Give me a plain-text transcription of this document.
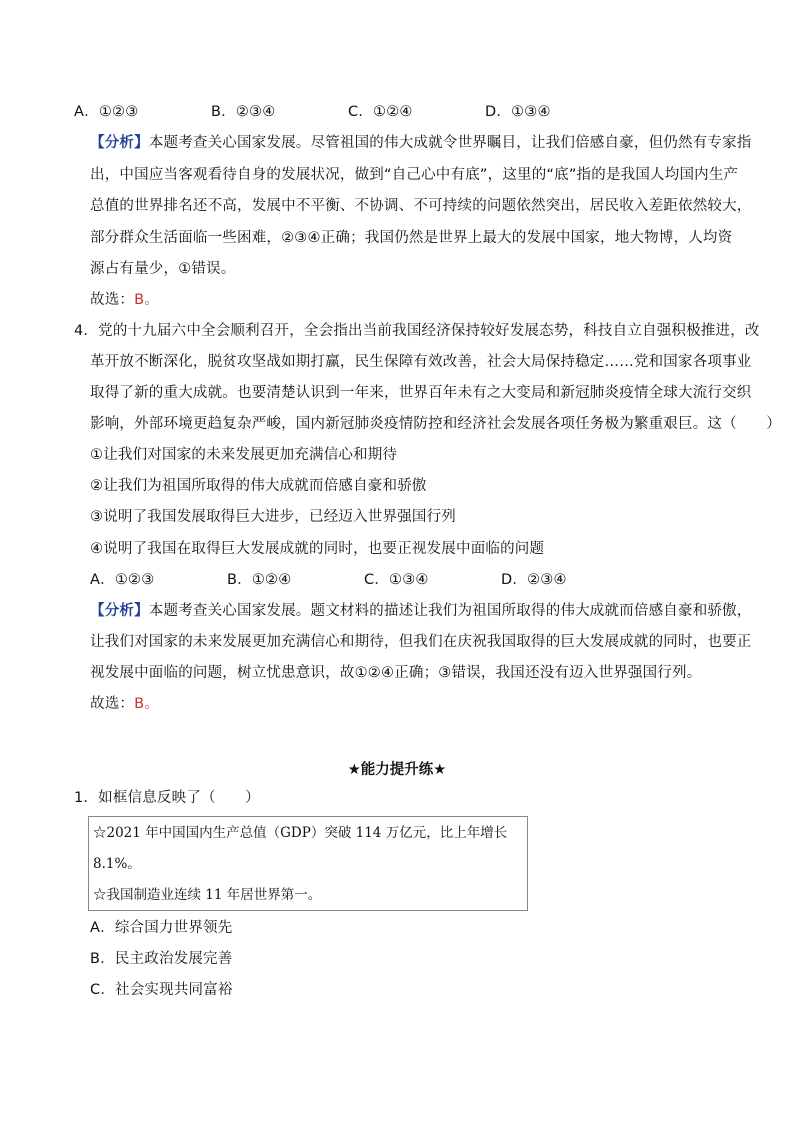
A．①②③	B．②③④	C．①②④	D．①③④
【分析】本题考查关心国家发展。尽管祖国的伟大成就令世界瞩目，让我们倍感自豪，但仍然有专家指
出，中国应当客观看待自身的发展状况，做到“自己心中有底”，这里的“底”指的是我国人均国内生产
总值的世界排名还不高，发展中不平衡、不协调、不可持续的问题依然突出，居民收入差距依然较大，
部分群众生活面临一些困难，②③④正确；我国仍然是世界上最大的发展中国家，地大物博，人均资
源占有量少，①错误。
故选：B。
4．党的十九届六中全会顺利召开，全会指出当前我国经济保持较好发展态势，科技自立自强积极推进，改
革开放不断深化，脱贫攻坚战如期打赢，民生保障有效改善，社会大局保持稳定……党和国家各项事业
取得了新的重大成就。也要清楚认识到一年来，世界百年未有之大变局和新冠肺炎疫情全球大流行交织
影响，外部环境更趋复杂严峻，国内新冠肺炎疫情防控和经济社会发展各项任务极为繁重艰巨。这（　　）
①让我们对国家的未来发展更加充满信心和期待
②让我们为祖国所取得的伟大成就而倍感自豪和骄傲
③说明了我国发展取得巨大进步，已经迈入世界强国行列
④说明了我国在取得巨大发展成就的同时，也要正视发展中面临的问题
A．①②③	B．①②④	C．①③④	D．②③④
【分析】本题考查关心国家发展。题文材料的描述让我们为祖国所取得的伟大成就而倍感自豪和骄傲，
让我们对国家的未来发展更加充满信心和期待，但我们在庆祝我国取得的巨大发展成就的同时，也要正
视发展中面临的问题，树立忧患意识，故①②④正确；③错误，我国还没有迈入世界强国行列。
故选：B。
★能力提升练★
1．如框信息反映了（　　）
☆2021 年中国国内生产总值（GDP）突破 114 万亿元，比上年增长
8.1%。
☆我国制造业连续 11 年居世界第一。
A．综合国力世界领先
B．民主政治发展完善
C．社会实现共同富裕
